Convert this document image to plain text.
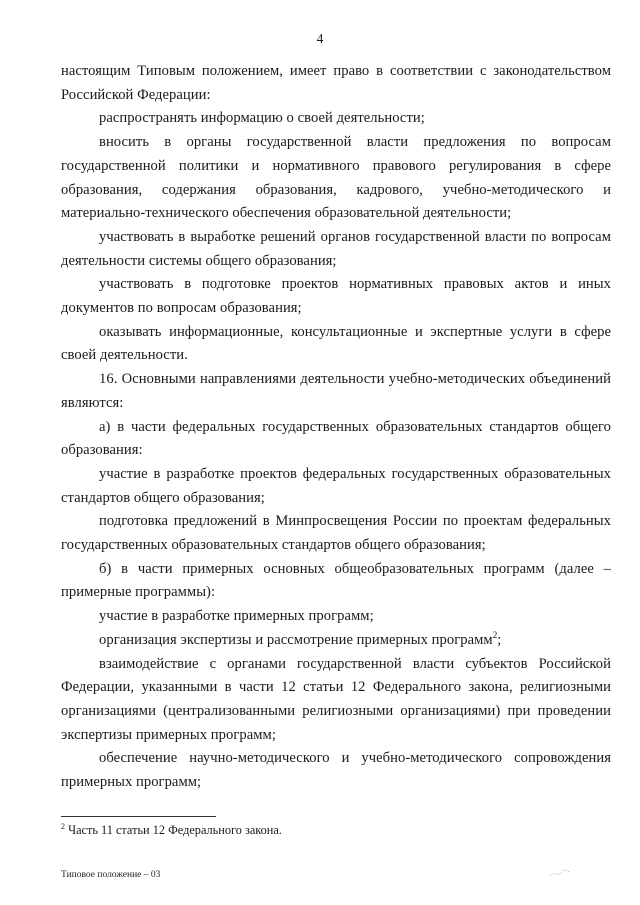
4

настоящим Типовым положением, имеет право в соответствии с законодательством Российской Федерации:

распространять информацию о своей деятельности;

вносить в органы государственной власти предложения по вопросам государственной политики и нормативного правового регулирования в сфере образования, содержания образования, кадрового, учебно-методического и материально-технического обеспечения образовательной деятельности;

участвовать в выработке решений органов государственной власти по вопросам деятельности системы общего образования;

участвовать в подготовке проектов нормативных правовых актов и иных документов по вопросам образования;

оказывать информационные, консультационные и экспертные услуги в сфере своей деятельности.

16. Основными направлениями деятельности учебно-методических объединений являются:

а) в части федеральных государственных образовательных стандартов общего образования:

участие в разработке проектов федеральных государственных образовательных стандартов общего образования;

подготовка предложений в Минпросвещения России по проектам федеральных государственных образовательных стандартов общего образования;

б) в части примерных основных общеобразовательных программ (далее – примерные программы):

участие в разработке примерных программ;

организация экспертизы и рассмотрение примерных программ$^2$;

взаимодействие с органами государственной власти субъектов Российской Федерации, указанными в части 12 статьи 12 Федерального закона, религиозными организациями (централизованными религиозными организациями) при проведении экспертизы примерных программ;

обеспечение научно-методического и учебно-методического сопровождения примерных программ;

$^2$ Часть 11 статьи 12 Федерального закона.
Типовое положение – 03
